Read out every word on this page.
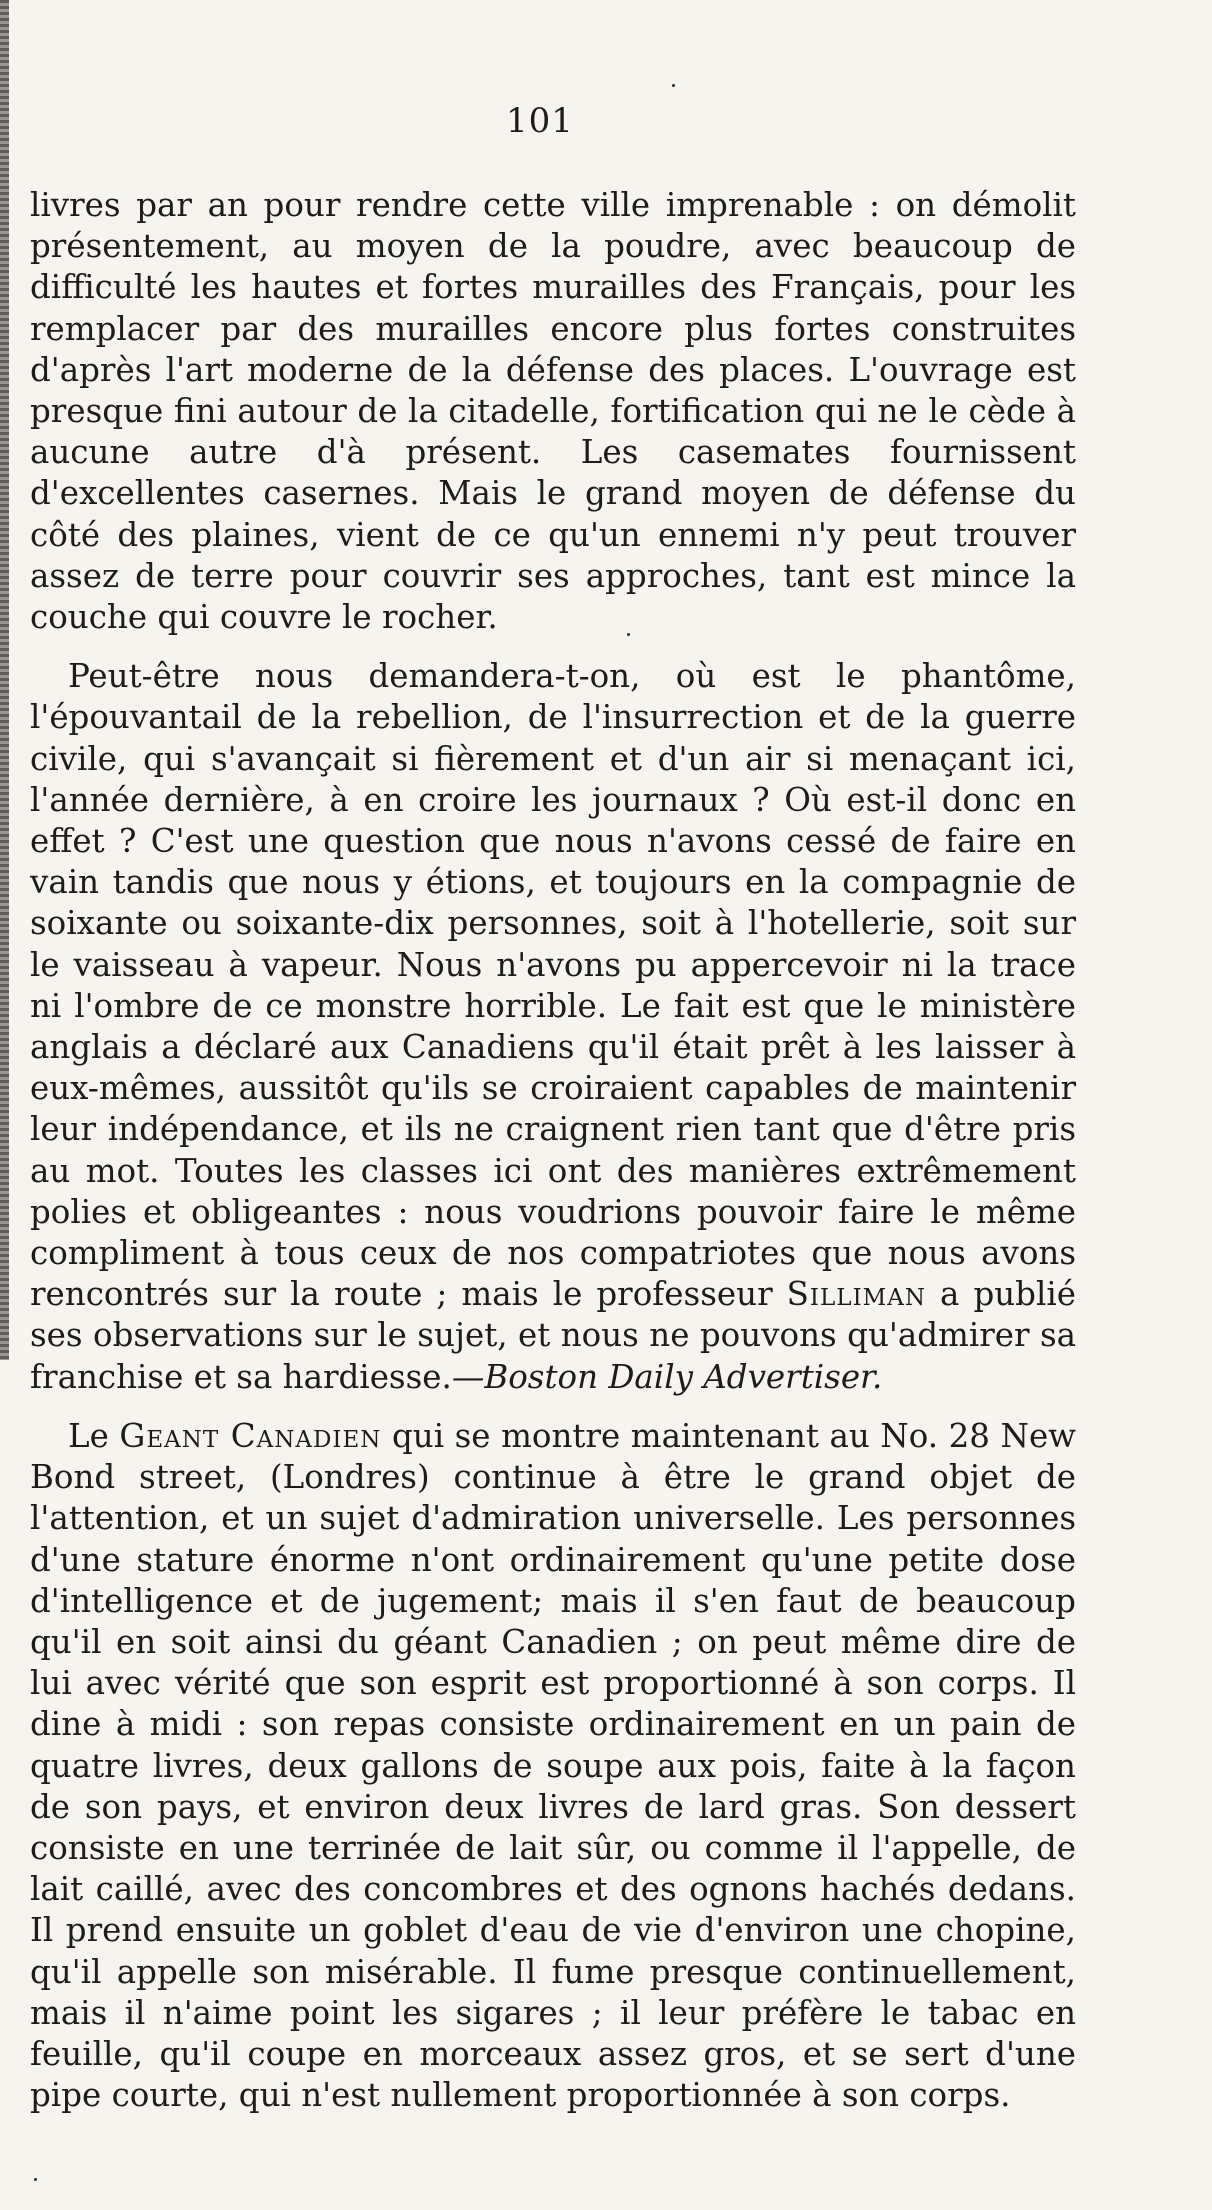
101

livres par an pour rendre cette ville imprenable : on démolit présentement, au moyen de la poudre, avec beaucoup de difficulté les hautes et fortes murailles des Français, pour les remplacer par des murailles encore plus fortes construites d'après l'art moderne de la défense des places. L'ouvrage est presque fini autour de la citadelle, fortification qui ne le cède à aucune autre d'à présent. Les casemates fournissent d'excellentes casernes. Mais le grand moyen de défense du côté des plaines, vient de ce qu'un ennemi n'y peut trouver assez de terre pour couvrir ses approches, tant est mince la couche qui couvre le rocher.

Peut-être nous demandera-t-on, où est le phantôme, l'épouvantail de la rebellion, de l'insurrection et de la guerre civile, qui s'avançait si fièrement et d'un air si menaçant ici, l'année dernière, à en croire les journaux ? Où est-il donc en effet ? C'est une question que nous n'avons cessé de faire en vain tandis que nous y étions, et toujours en la compagnie de soixante ou soixante-dix personnes, soit à l'hotellerie, soit sur le vaisseau à vapeur. Nous n'avons pu appercevoir ni la trace ni l'ombre de ce monstre horrible. Le fait est que le ministère anglais a déclaré aux Canadiens qu'il était prêt à les laisser à eux-mêmes, aussitôt qu'ils se croiraient capables de maintenir leur indépendance, et ils ne craignent rien tant que d'être pris au mot. Toutes les classes ici ont des manières extrêmement polies et obligeantes : nous voudrions pouvoir faire le même compliment à tous ceux de nos compatriotes que nous avons rencontrés sur la route ; mais le professeur Silliman a publié ses observations sur le sujet, et nous ne pouvons qu'admirer sa franchise et sa hardiesse.—Boston Daily Advertiser.

Le Geant Canadien qui se montre maintenant au No. 28 New Bond street, (Londres) continue à être le grand objet de l'attention, et un sujet d'admiration universelle. Les personnes d'une stature énorme n'ont ordinairement qu'une petite dose d'intelligence et de jugement; mais il s'en faut de beaucoup qu'il en soit ainsi du géant Canadien ; on peut même dire de lui avec vérité que son esprit est proportionné à son corps. Il dine à midi : son repas consiste ordinairement en un pain de quatre livres, deux gallons de soupe aux pois, faite à la façon de son pays, et environ deux livres de lard gras. Son dessert consiste en une terrinée de lait sûr, ou comme il l'appelle, de lait caillé, avec des concombres et des ognons hachés dedans. Il prend ensuite un goblet d'eau de vie d'environ une chopine, qu'il appelle son misérable. Il fume presque continuellement, mais il n'aime point les sigares ; il leur préfère le tabac en feuille, qu'il coupe en morceaux assez gros, et se sert d'une pipe courte, qui n'est nullement proportionnée à son corps.
